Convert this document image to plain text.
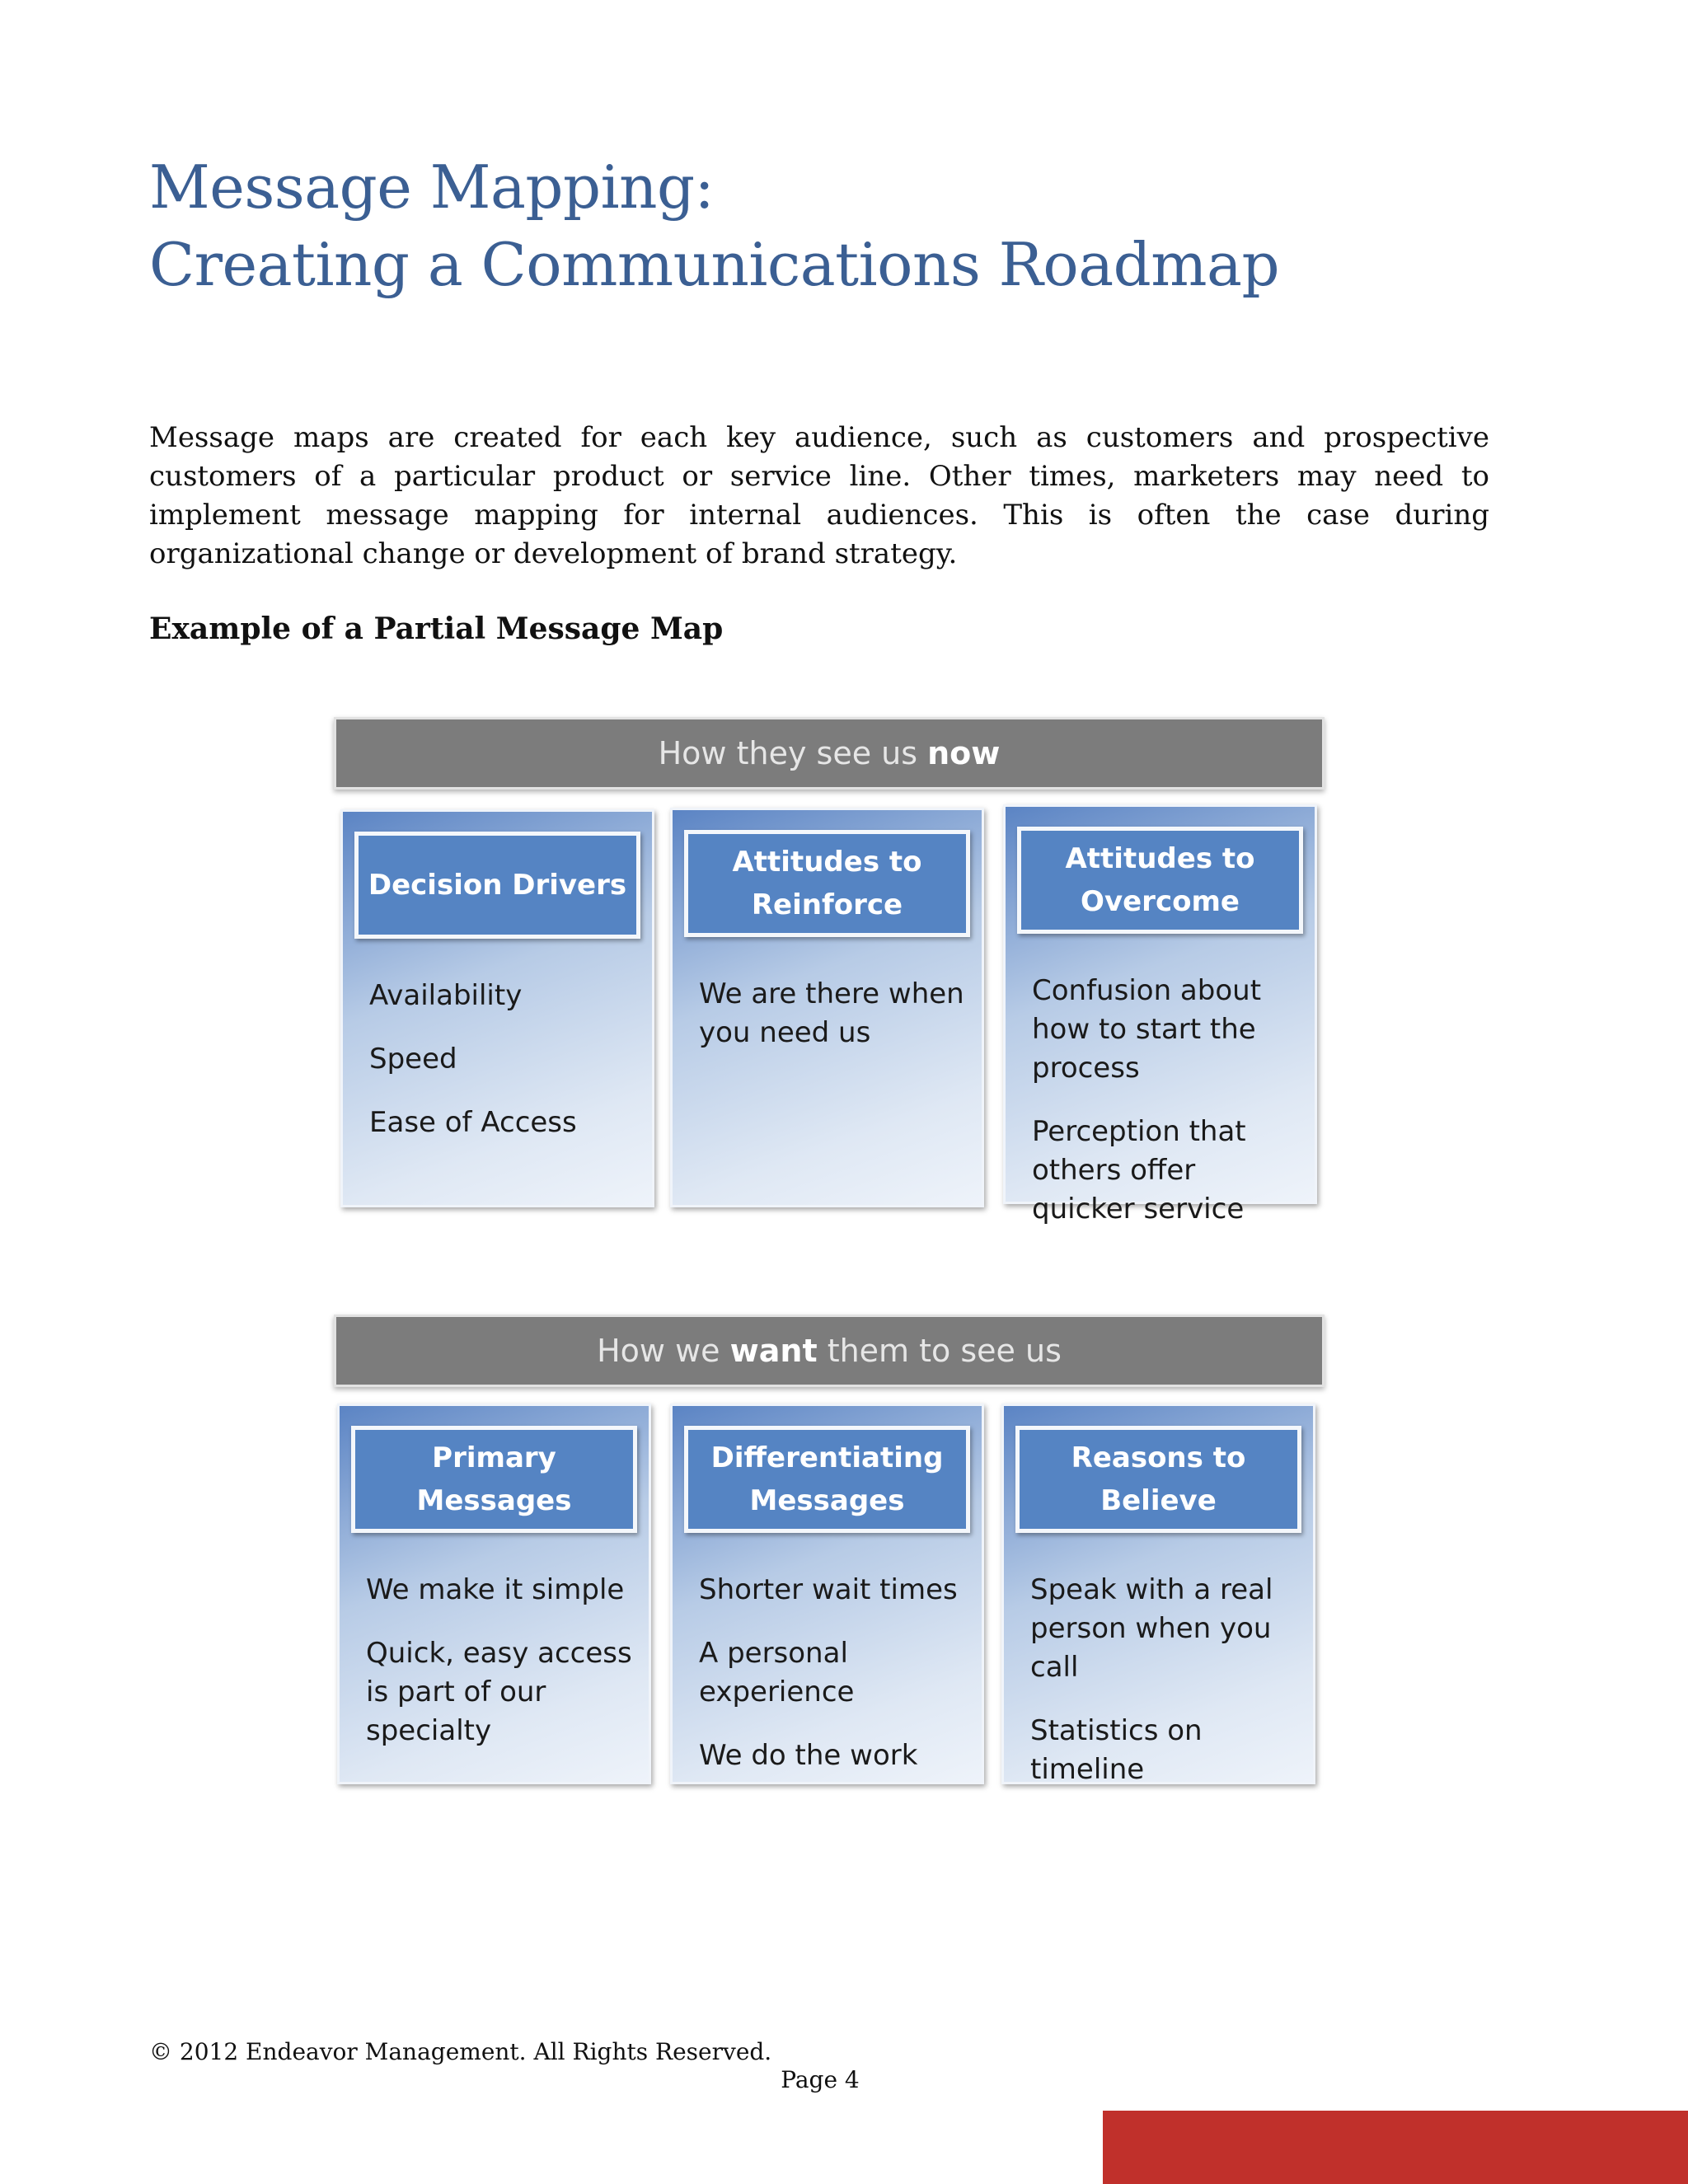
Message Mapping:
Creating a Communications Roadmap

Message maps are created for each key audience, such as customers and prospective customers of a particular product or service line. Other times, marketers may need to implement message mapping for internal audiences. This is often the case during organizational change or development of brand strategy.

Example of a Partial Message Map

How they see us now
Decision Drivers
Availability
Speed
Ease of Access
Attitudes to Reinforce
We are there when you need us
Attitudes to Overcome
Confusion about how to start the process
Perception that others offer quicker service
How we want them to see us
Primary Messages
We make it simple
Quick, easy access is part of our specialty
Differentiating Messages
Shorter wait times
A personal experience
We do the work
Reasons to Believe
Speak with a real person when you call
Statistics on timeline

© 2012 Endeavor Management. All Rights Reserved.

Page 4
